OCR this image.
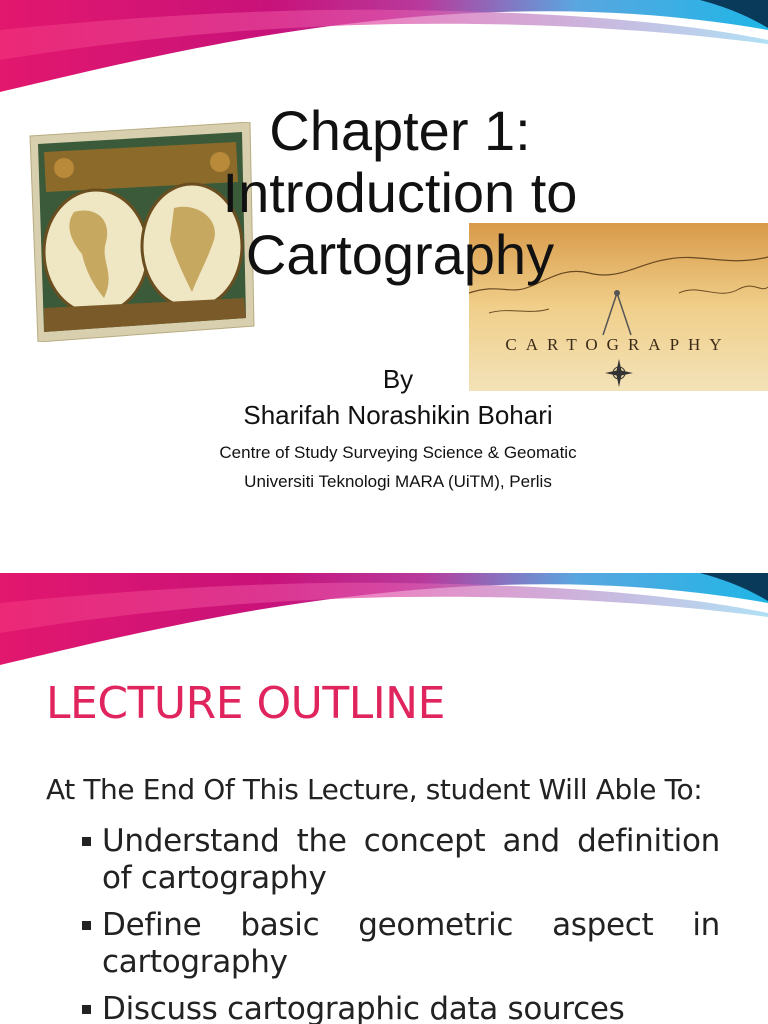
CARTOGRAPHY
Chapter 1:
Introduction to
Cartography
By
Sharifah Norashikin Bohari
Centre of Study Surveying Science & Geomatic
Universiti Teknologi MARA (UiTM), Perlis
LECTURE OUTLINE
At The End Of This Lecture, student Will Able To:
Understand the concept and definition of cartography
Define basic geometric aspect in cartography
Discuss cartographic data sources
